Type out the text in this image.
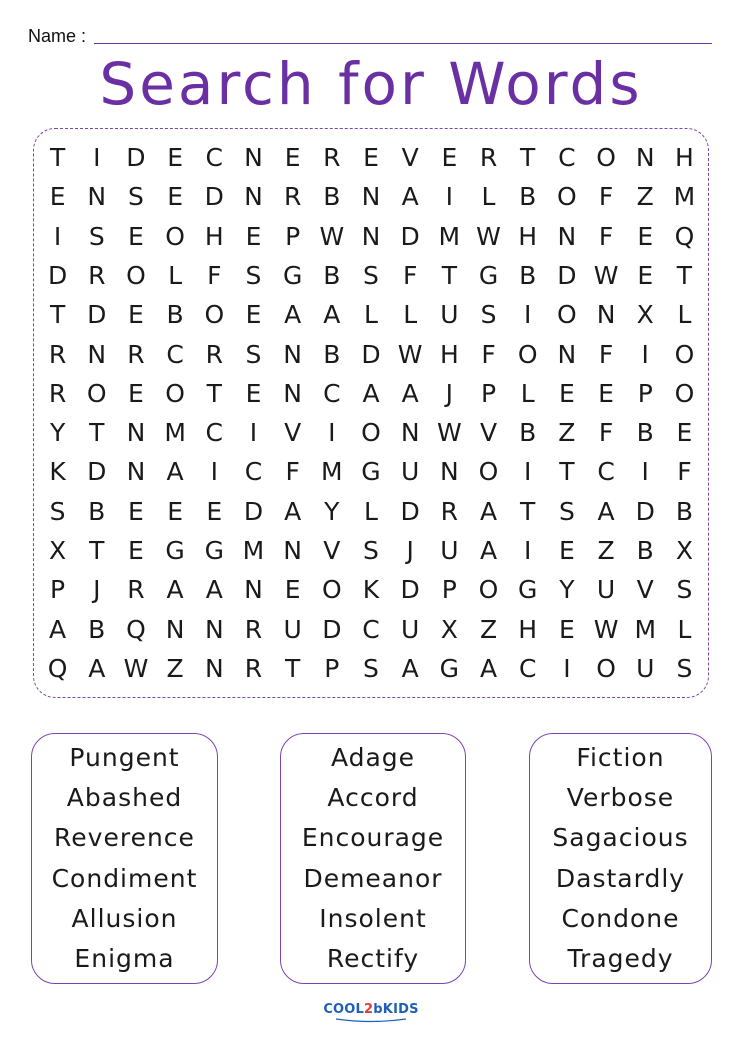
Name :
Search for Words
T	I	D E C N E R E V E R T C O N H
E N S E D N R B N A	I	L B O F Z M
I	S E O H E P W N D M W H N F E Q
D R O L	F S G B S F T G B D W E T
T D E B O E A A L	L U S	I	O N X L
R N R C R S N B D W H F O N F	I	O
R O E O T E N C A A	J	P L E E P O
Y T N M C	I	V	I	O N W V B Z F B E
K D N A	I	C F M G U N O	I	T C	I	F
S B E E E D A Y L D R A T S A D B
X T E G G M N V S	J	U A	I	E Z B X
P	J	R A A N E O K D P O G Y U V S
A B Q N N R U D C U X Z H E W M L
Q A W Z N R T P S A G A C	I	O U S
Pungent
Abashed
Reverence
Condiment
Allusion
Enigma
Adage
Accord
Encourage
Demeanor
Insolent
Rectify
Fiction
Verbose
Sagacious
Dastardly
Condone
Tragedy
COOL2bKIDS
